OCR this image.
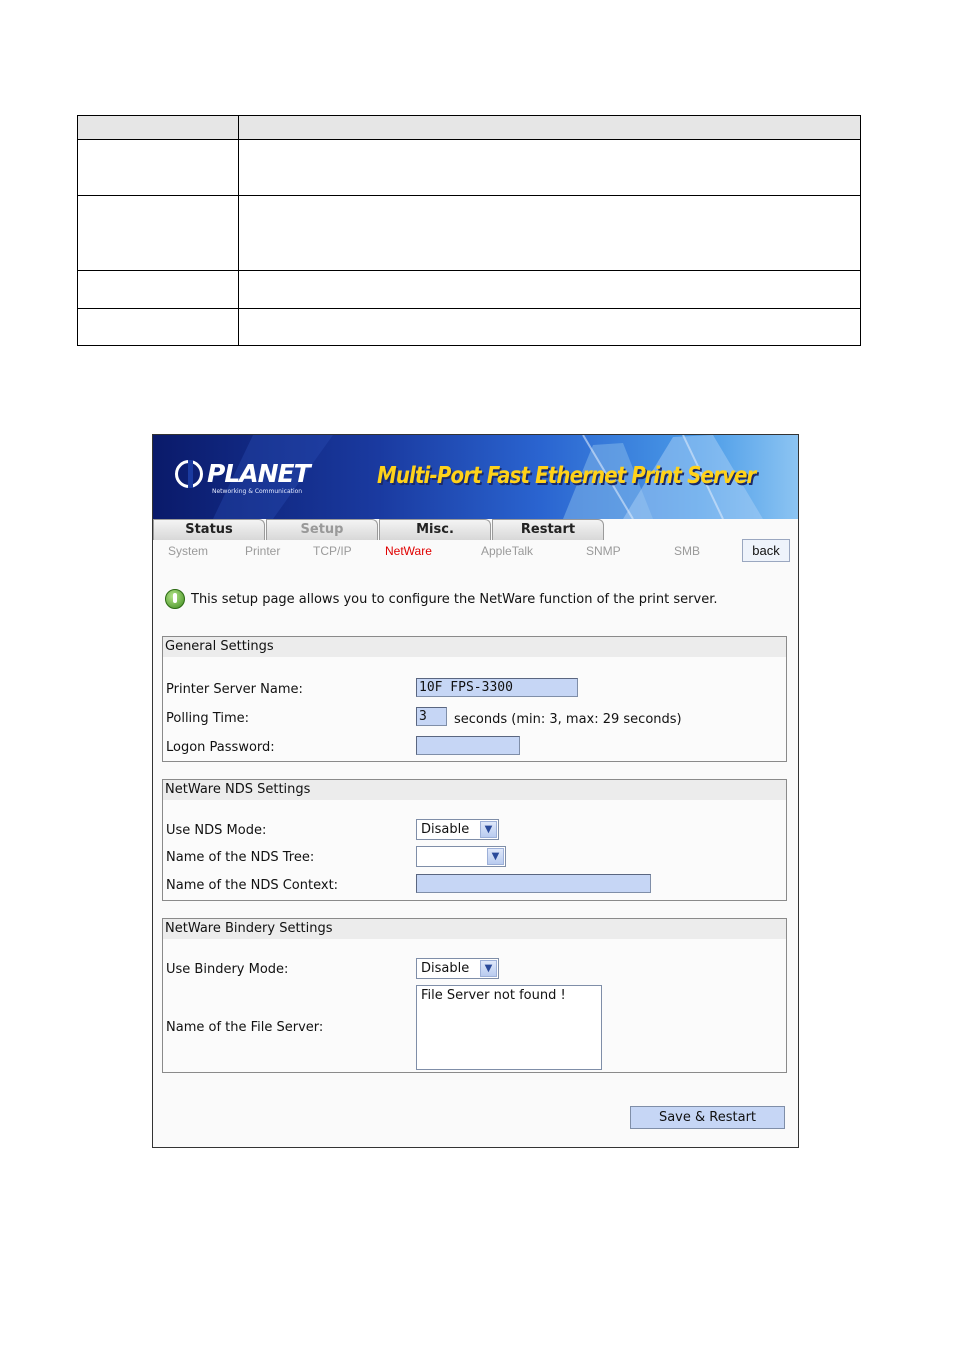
PLANET
Networking & Communication
Multi-Port Fast Ethernet Print Server
Status	Setup	Misc.	Restart
System	Printer	TCP/IP	NetWare	AppleTalk	SNMP	SMB	back
This setup page allows you to configure the NetWare function of the print server.
General Settings
Printer Server Name:	10F FPS-3300
Polling Time:	3	seconds (min: 3, max: 29 seconds)
Logon Password:
NetWare NDS Settings
Use NDS Mode:	Disable	▼
Name of the NDS Tree:	▼
Name of the NDS Context:
NetWare Bindery Settings
Use Bindery Mode:	Disable	▼
Name of the File Server:
File Server not found !
Save & Restart
